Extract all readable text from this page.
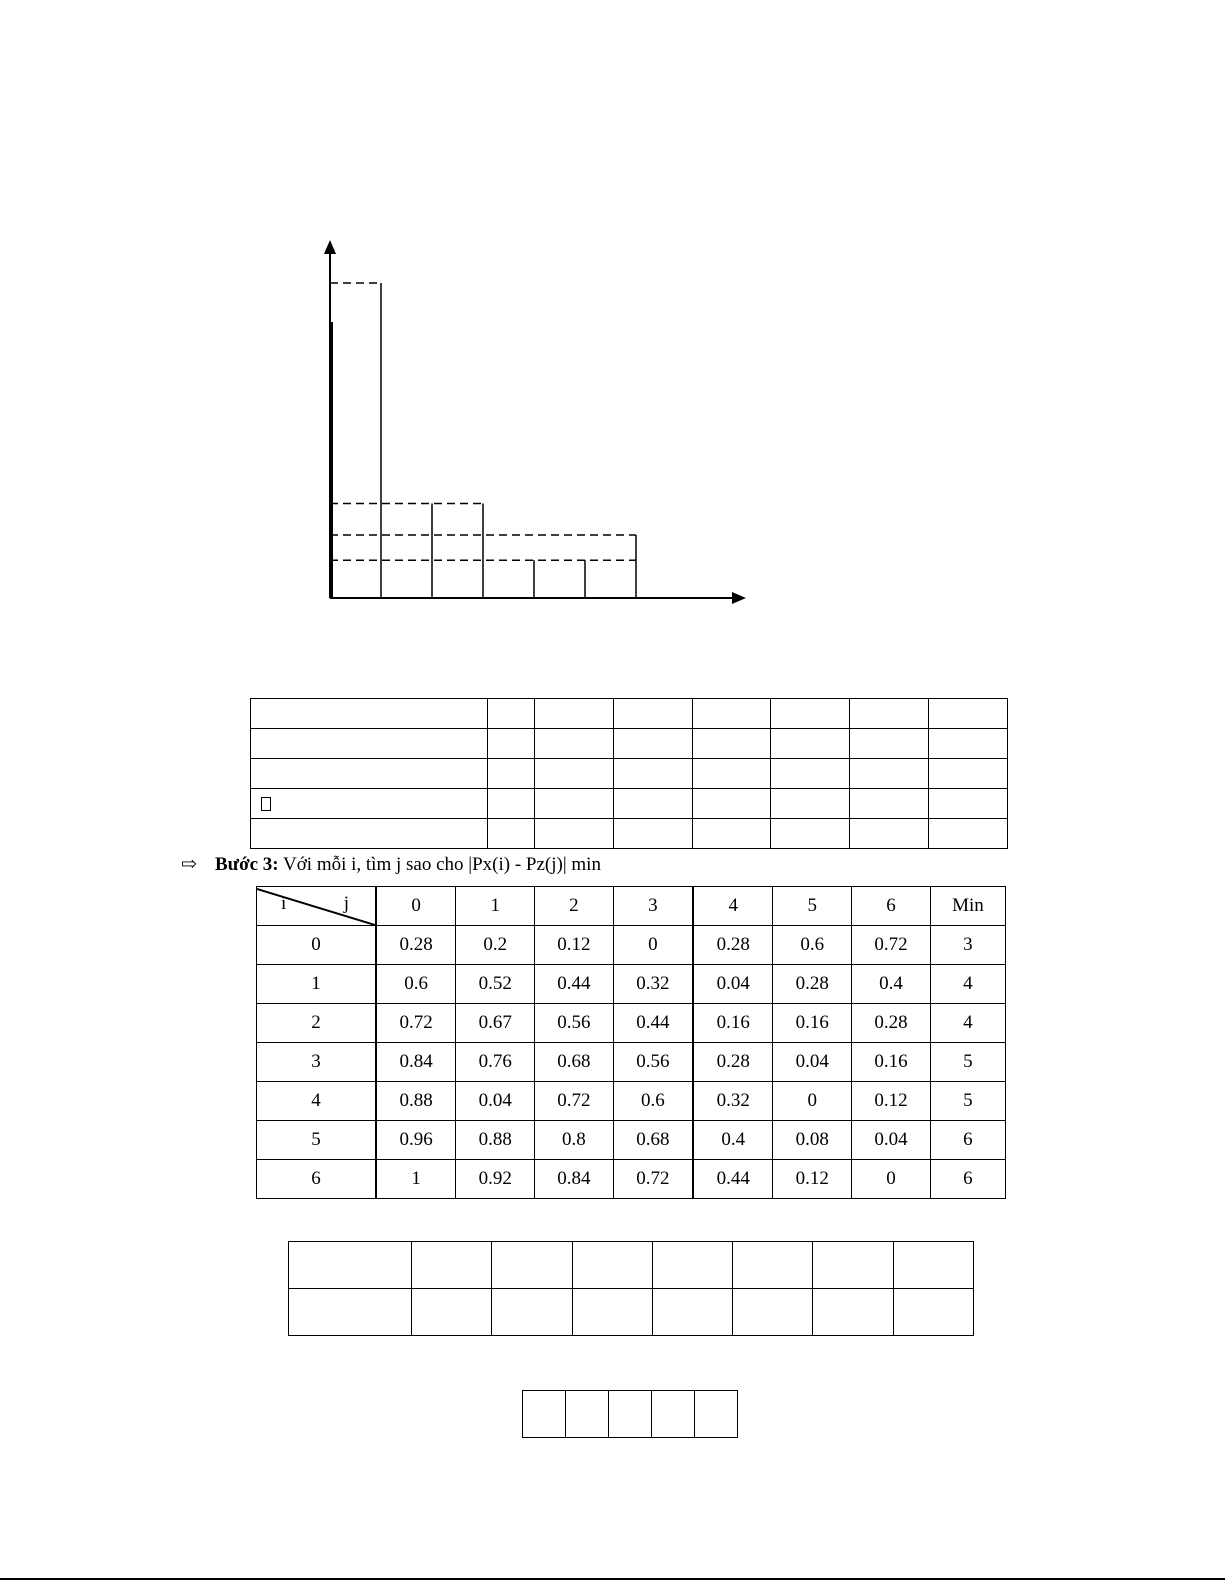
⇨ Bước 3: Với mỗi i, tìm j sao cho |Px(i) - Pz(j)| min
i j	0	1	2	3	4	5	6	Min
0	0.28	0.2	0.12	0	0.28	0.6	0.72	3
1	0.6	0.52	0.44	0.32	0.04	0.28	0.4	4
2	0.72	0.67	0.56	0.44	0.16	0.16	0.28	4
3	0.84	0.76	0.68	0.56	0.28	0.04	0.16	5
4	0.88	0.04	0.72	0.6	0.32	0	0.12	5
5	0.96	0.88	0.8	0.68	0.4	0.08	0.04	6
6	1	0.92	0.84	0.72	0.44	0.12	0	6
